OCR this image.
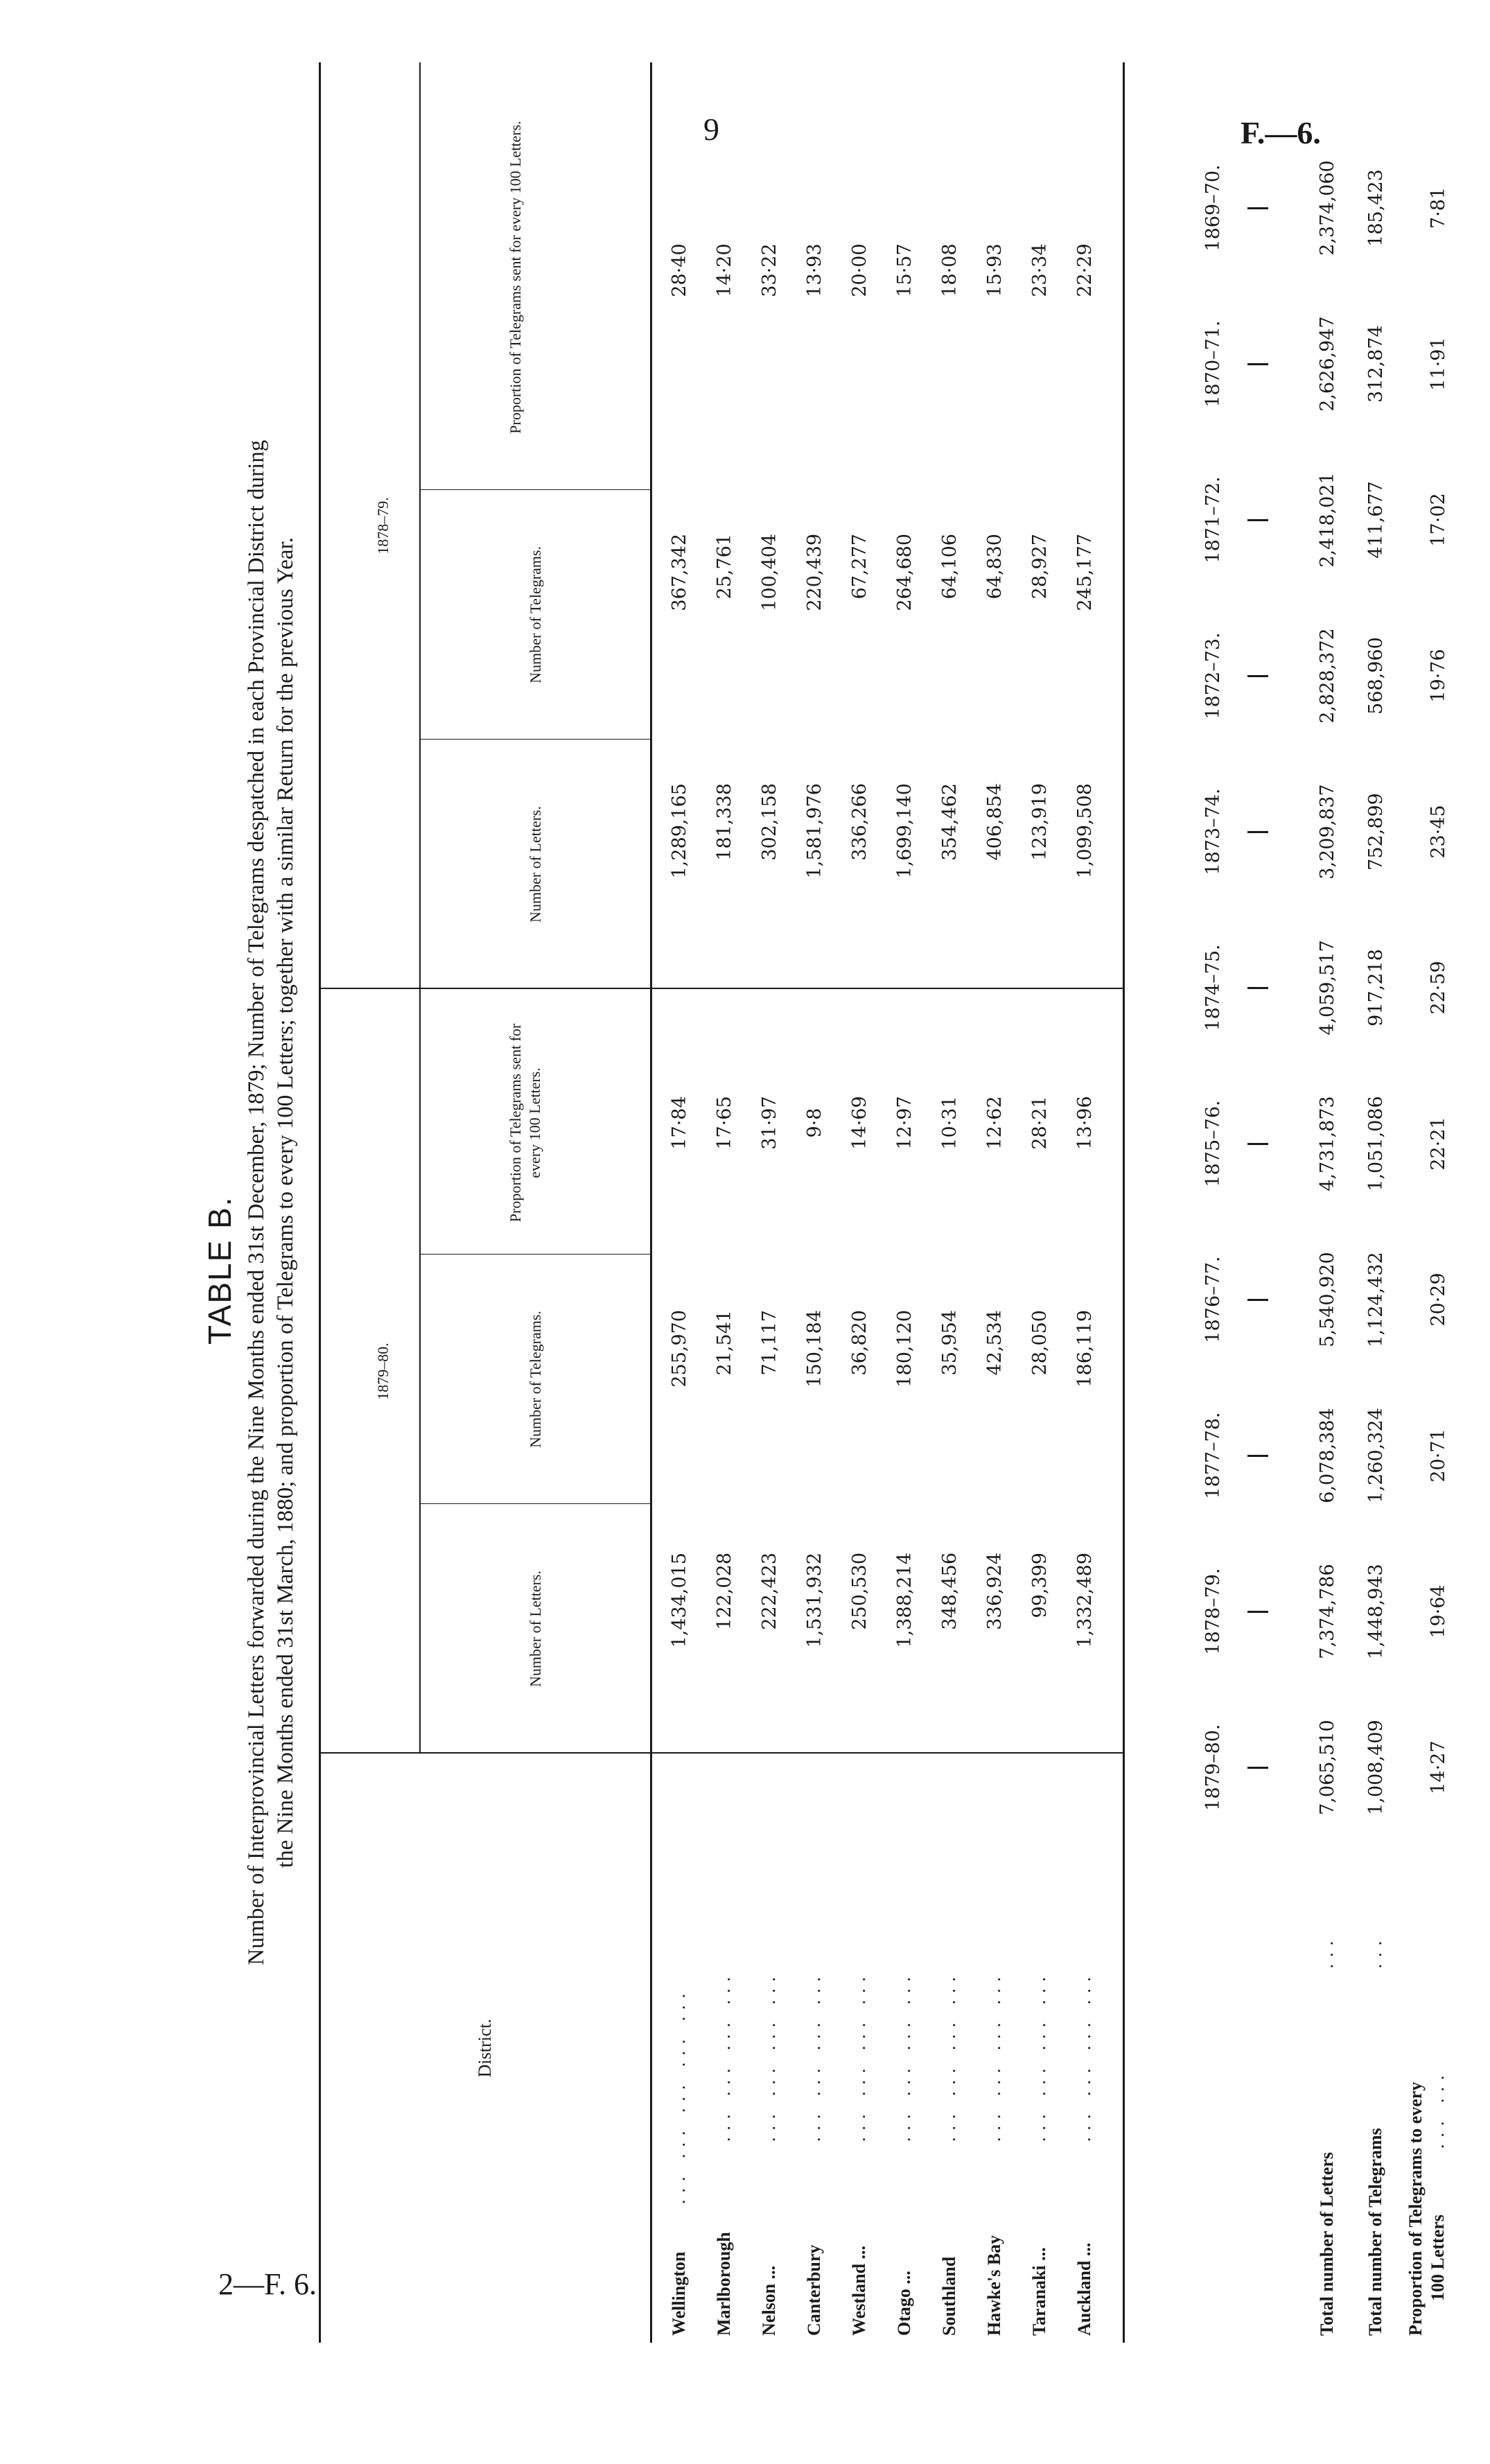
9	F.—6.
2—F. 6.
TABLE B. Number of Interprovincial Letters forwarded during the Nine Months ended 31st December, 1879; Number of Telegrams despatched in each Provincial District during the Nine Months ended 31st March, 1880; and proportion of Telegrams to every 100 Letters; together with a similar Return for the previous Year.
District.
1879–80.
1878–79.
Number of Letters.
Number of Telegrams.
Proportion of Telegrams sent for every 100 Letters.
Number of Letters.
Number of Telegrams.
Proportion of Telegrams sent for every 100 Letters.
Wellington
... ... ... ... ...
1,434,015
255,970
17·84
1,289,165
367,342
28·40
Marlborough
... ... ... ...
122,028
21,541
17·65
181,338
25,761
14·20
Nelson ...
... ... ... ...
222,423
71,117
31·97
302,158
100,404
33·22
Canterbury
... ... ... ...
1,531,932
150,184
9·8
1,581,976
220,439
13·93
Westland ...
... ... ... ...
250,530
36,820
14·69
336,266
67,277
20·00
Otago ...
... ... ... ...
1,388,214
180,120
12·97
1,699,140
264,680
15·57
Southland
... ... ... ...
348,456
35,954
10·31
354,462
64,106
18·08
Hawke's Bay
... ... ... ...
336,924
42,534
12·62
406,854
64,830
15·93
Taranaki ...
... ... ... ...
99,399
28,050
28·21
123,919
28,927
23·34
Auckland ...
... ... ... ...
1,332,489
186,119
13·96
1,099,508
245,177
22·29
1879–80.
1878–79.
1877–78.
1876–77.
1875–76.
1874–75.
1873–74.
1872–73.
1871–72.
1870–71.
1869–70.
Total number of Letters
...
7,065,510
7,374,786
6,078,384
5,540,920
4,731,873
4,059,517
3,209,837
2,828,372
2,418,021
2,626,947
2,374,060
Total number of Telegrams
...
1,008,409
1,448,943
1,260,324
1,124,432
1,051,086
917,218
752,899
568,960
411,677
312,874
185,423
Proportion of Telegrams to every 100 Letters
... ...
14·27
19·64
20·71
20·29
22·21
22·59
23·45
19·76
17·02
11·91
7·81
